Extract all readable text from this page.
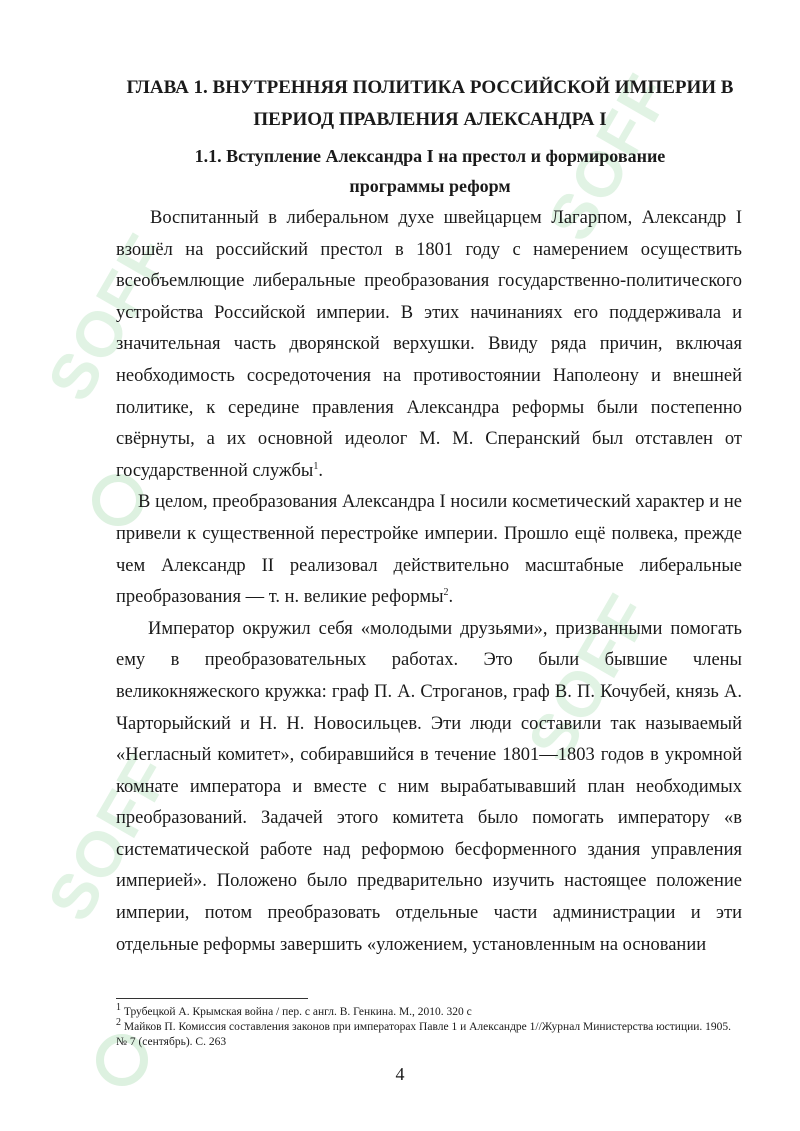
SOFF
SOFF
SOFF
SOFF
ГЛАВА 1. ВНУТРЕННЯЯ ПОЛИТИКА РОССИЙСКОЙ ИМПЕРИИ В ПЕРИОД ПРАВЛЕНИЯ АЛЕКСАНДРА I
1.1. Вступление Александра I на престол и формирование программы реформ

Воспитанный в либеральном духе швейцарцем Лагарпом, Александр I взошёл на российский престол в 1801 году с намерением осуществить всеобъемлющие либеральные преобразования государственно-политического устройства Российской империи. В этих начинаниях его поддерживала и значительная часть дворянской верхушки. Ввиду ряда причин, включая необходимость сосредоточения на противостоянии Наполеону и внешней политике, к середине правления Александра реформы были постепенно свёрнуты, а их основной идеолог М. М. Сперанский был отставлен от государственной службы$^1$.

В целом, преобразования Александра I носили косметический характер и не привели к существенной перестройке империи. Прошло ещё полвека, прежде чем Александр II реализовал действительно масштабные либеральные преобразования — т. н. великие реформы$^2$.

Император окружил себя «молодыми друзьями», призванными помогать ему в преобразовательных работах. Это были бывшие члены великокняжеского кружка: граф П. А. Строганов, граф В. П. Кочубей, князь А. Чарторыйский и Н. Н. Новосильцев. Эти люди составили так называемый «Негласный комитет», собиравшийся в течение 1801—1803 годов в укромной комнате императора и вместе с ним вырабатывавший план необходимых преобразований. Задачей этого комитета было помогать императору «в систематической работе над реформою бесформенного здания управления империей». Положено было предварительно изучить настоящее положение империи, потом преобразовать отдельные части администрации и эти отдельные реформы завершить «уложением, установленным на основании

$^1$ Трубецкой А. Крымская война / пер. с англ. В. Генкина. М., 2010. 320 с

$^2$ Майков П. Комиссия составления законов при императорах Павле 1 и Александре 1//Журнал Министерства юстиции. 1905. № 7 (сентябрь). С. 263

4
